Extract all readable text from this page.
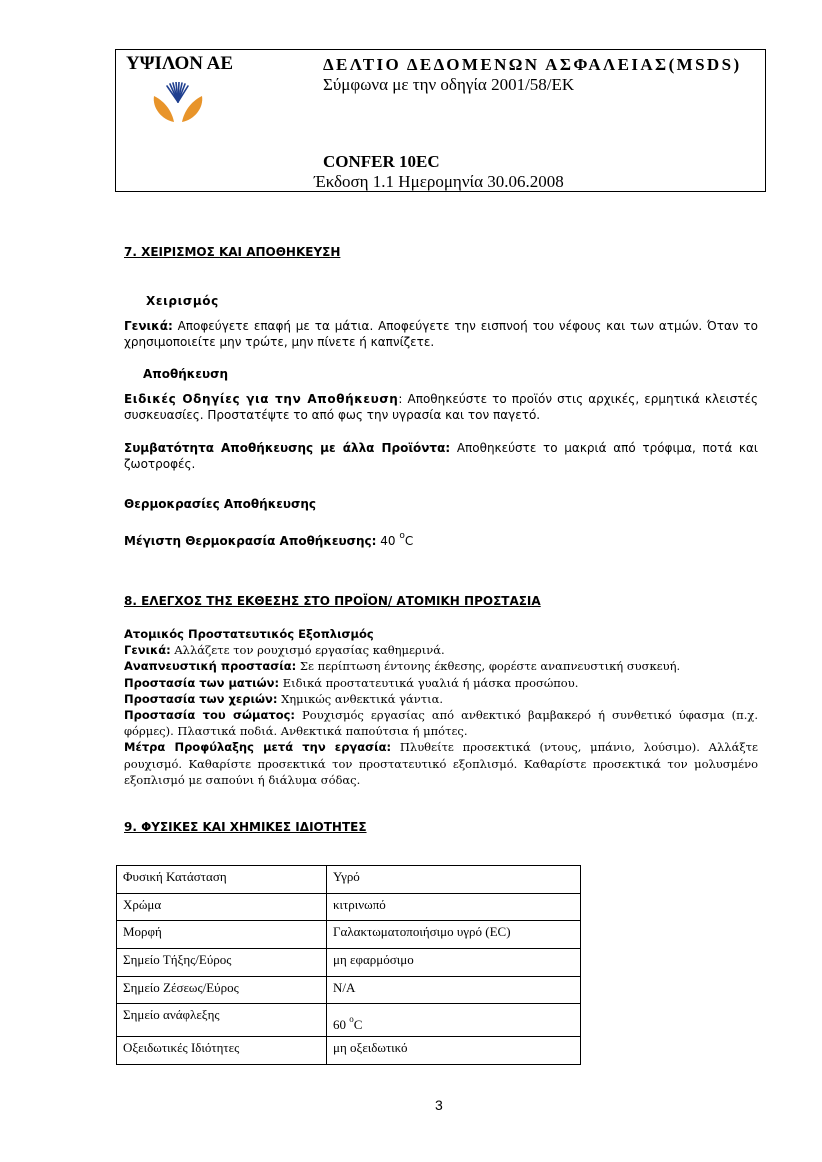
ΥΨΙΛΟΝ ΑΕ	ΔΕΛΤΙΟ ΔΕΔΟΜΕΝΩΝ ΑΣΦΑΛΕΙΑΣ(MSDS)
Σύμφωνα με την οδηγία 2001/58/ΕΚ
CONFER 10EC
Έκδοση 1.1 Ημερομηνία 30.06.2008
7. ΧΕΙΡΙΣΜΟΣ ΚΑΙ ΑΠΟΘΗΚΕΥΣΗ
Χειρισμός
Γενικά: Αποφεύγετε επαφή με τα μάτια. Αποφεύγετε την εισπνοή του νέφους και των ατμών. Όταν το χρησιμοποιείτε μην τρώτε, μην πίνετε ή καπνίζετε.
Αποθήκευση
Ειδικές Οδηγίες για την Αποθήκευση: Αποθηκεύστε το προϊόν στις αρχικές, ερμητικά κλειστές συσκευασίες. Προστατέψτε το από φως την υγρασία και τον παγετό.
Συμβατότητα Αποθήκευσης με άλλα Προϊόντα: Αποθηκεύστε το μακριά από τρόφιμα, ποτά και ζωοτροφές.
Θερμοκρασίες Αποθήκευσης
Μέγιστη Θερμοκρασία Αποθήκευσης: 40 $^o$C
8. ΕΛΕΓΧΟΣ ΤΗΣ ΕΚΘΕΣΗΣ ΣΤΟ ΠΡΟΪΟΝ/ ΑΤΟΜΙΚΗ ΠΡΟΣΤΑΣΙΑ
Ατομικός Προστατευτικός Εξοπλισμός
Γενικά: Αλλάζετε τον ρουχισμό εργασίας καθημερινά.
Αναπνευστική προστασία: Σε περίπτωση έντονης έκθεσης, φορέστε αναπνευστική συσκευή.
Προστασία των ματιών: Ειδικά προστατευτικά γυαλιά ή μάσκα προσώπου.
Προστασία των χεριών: Χημικώς ανθεκτικά γάντια.
Προστασία του σώματος: Ρουχισμός εργασίας από ανθεκτικό βαμβακερό ή συνθετικό ύφασμα (π.χ. φόρμες). Πλαστικά ποδιά. Ανθεκτικά παπούτσια ή μπότες.
Μέτρα Προφύλαξης μετά την εργασία: Πλυθείτε προσεκτικά (ντους, μπάνιο, λούσιμο). Αλλάξτε ρουχισμό. Καθαρίστε προσεκτικά τον προστατευτικό εξοπλισμό. Καθαρίστε προσεκτικά τον μολυσμένο εξοπλισμό με σαπούνι ή διάλυμα σόδας.
9. ΦΥΣΙΚΕΣ ΚΑΙ ΧΗΜΙΚΕΣ ΙΔΙΟΤΗΤΕΣ
Φυσική Κατάσταση	Υγρό
Χρώμα	κιτρινωπό
Μορφή	Γαλακτωματοποιήσιμο υγρό (EC)
Σημείο Τήξης/Εύρος	μη εφαρμόσιμο
Σημείο Ζέσεως/Εύρος	N/A
Σημείο ανάφλεξης	60 $^o$C
Οξειδωτικές Ιδιότητες	μη οξειδωτικό
3
